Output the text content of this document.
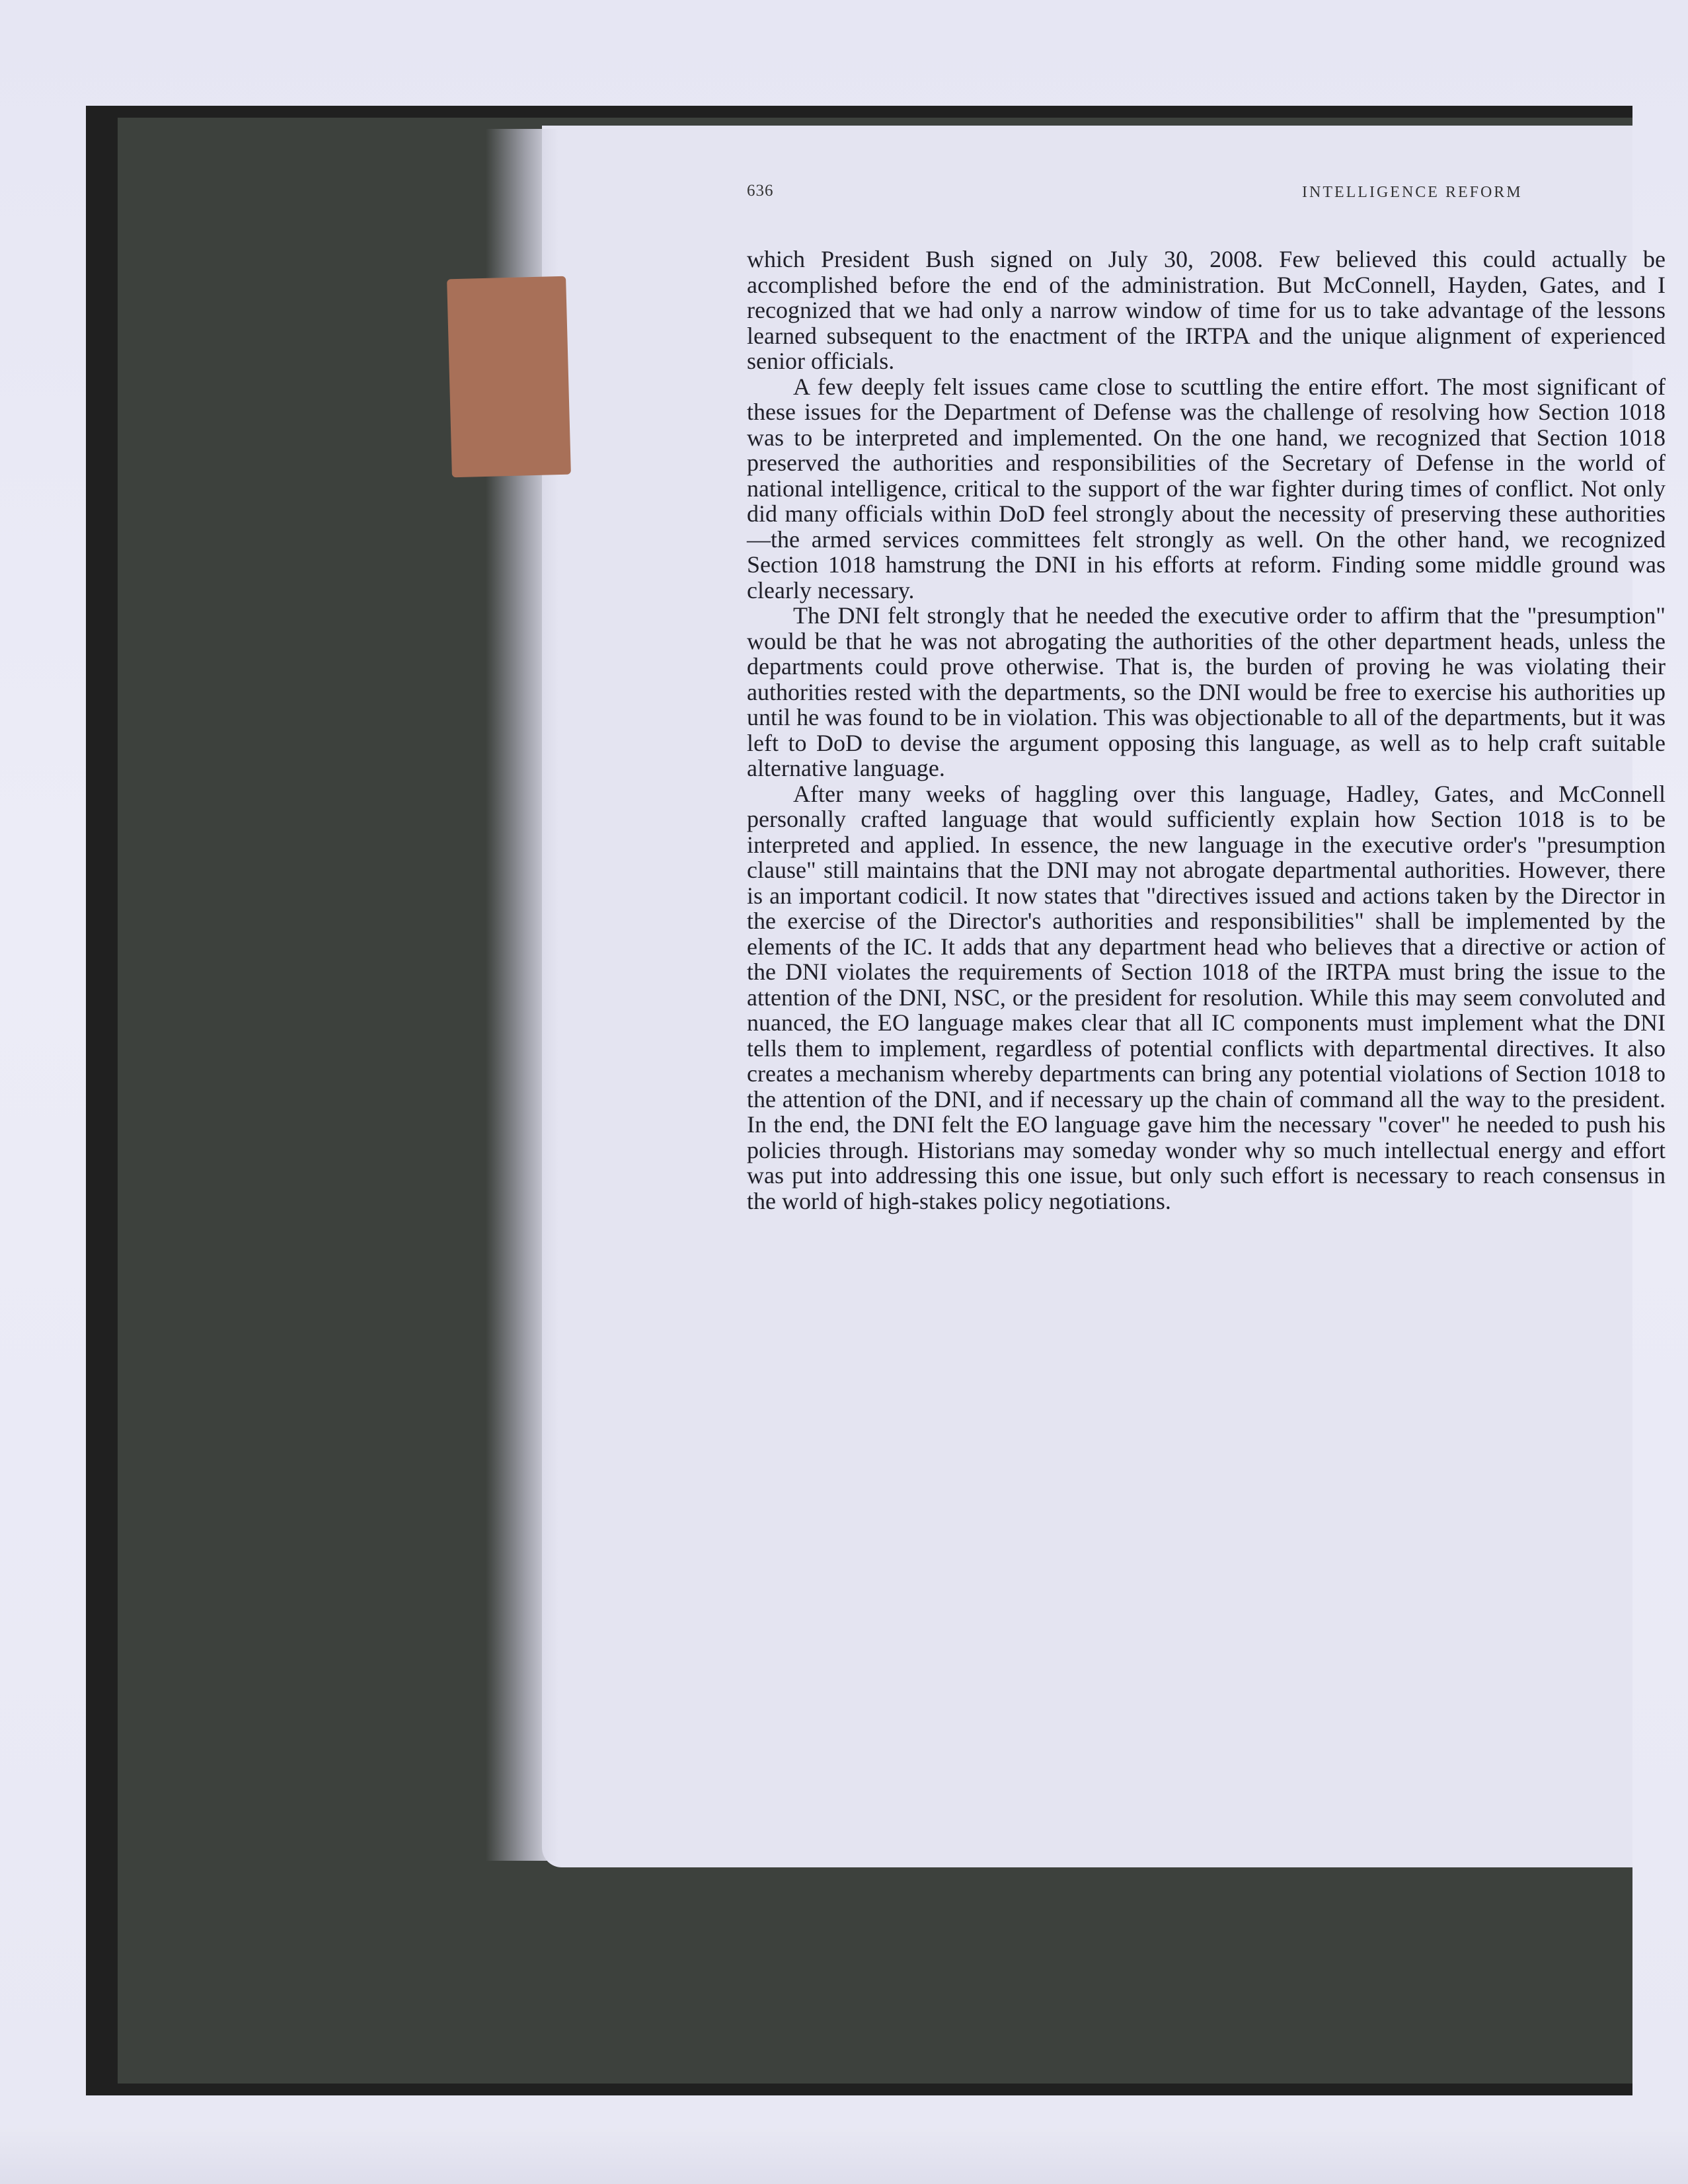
636	INTELLIGENCE REFORM

which President Bush signed on July 30, 2008. Few believed this could actually be accomplished before the end of the administration. But McConnell, Hayden, Gates, and I recognized that we had only a narrow window of time for us to take advantage of the lessons learned subsequent to the enactment of the IRTPA and the unique alignment of experienced senior officials.

A few deeply felt issues came close to scuttling the entire effort. The most significant of these issues for the Department of Defense was the challenge of resolving how Section 1018 was to be interpreted and implemented. On the one hand, we recognized that Section 1018 preserved the authorities and responsibilities of the Secretary of Defense in the world of national intelligence, critical to the support of the war fighter during times of conflict. Not only did many officials within DoD feel strongly about the necessity of preserving these authorities—the armed services committees felt strongly as well. On the other hand, we recognized Section 1018 hamstrung the DNI in his efforts at reform. Finding some middle ground was clearly necessary.

The DNI felt strongly that he needed the executive order to affirm that the "presumption" would be that he was not abrogating the authorities of the other department heads, unless the departments could prove otherwise. That is, the burden of proving he was violating their authorities rested with the departments, so the DNI would be free to exercise his authorities up until he was found to be in violation. This was objectionable to all of the departments, but it was left to DoD to devise the argument opposing this language, as well as to help craft suitable alternative language.

After many weeks of haggling over this language, Hadley, Gates, and McConnell personally crafted language that would sufficiently explain how Section 1018 is to be interpreted and applied. In essence, the new language in the executive order's "presumption clause" still maintains that the DNI may not abrogate departmental authorities. However, there is an important codicil. It now states that "directives issued and actions taken by the Director in the exercise of the Director's authorities and responsibilities" shall be implemented by the elements of the IC. It adds that any department head who believes that a directive or action of the DNI violates the requirements of Section 1018 of the IRTPA must bring the issue to the attention of the DNI, NSC, or the president for resolution. While this may seem convoluted and nuanced, the EO language makes clear that all IC components must implement what the DNI tells them to implement, regardless of potential conflicts with departmental directives. It also creates a mechanism whereby departments can bring any potential violations of Section 1018 to the attention of the DNI, and if necessary up the chain of command all the way to the president. In the end, the DNI felt the EO language gave him the necessary "cover" he needed to push his policies through. Historians may someday wonder why so much intellectual energy and effort was put into addressing this one issue, but only such effort is necessary to reach consensus in the world of high-stakes policy negotiations.
